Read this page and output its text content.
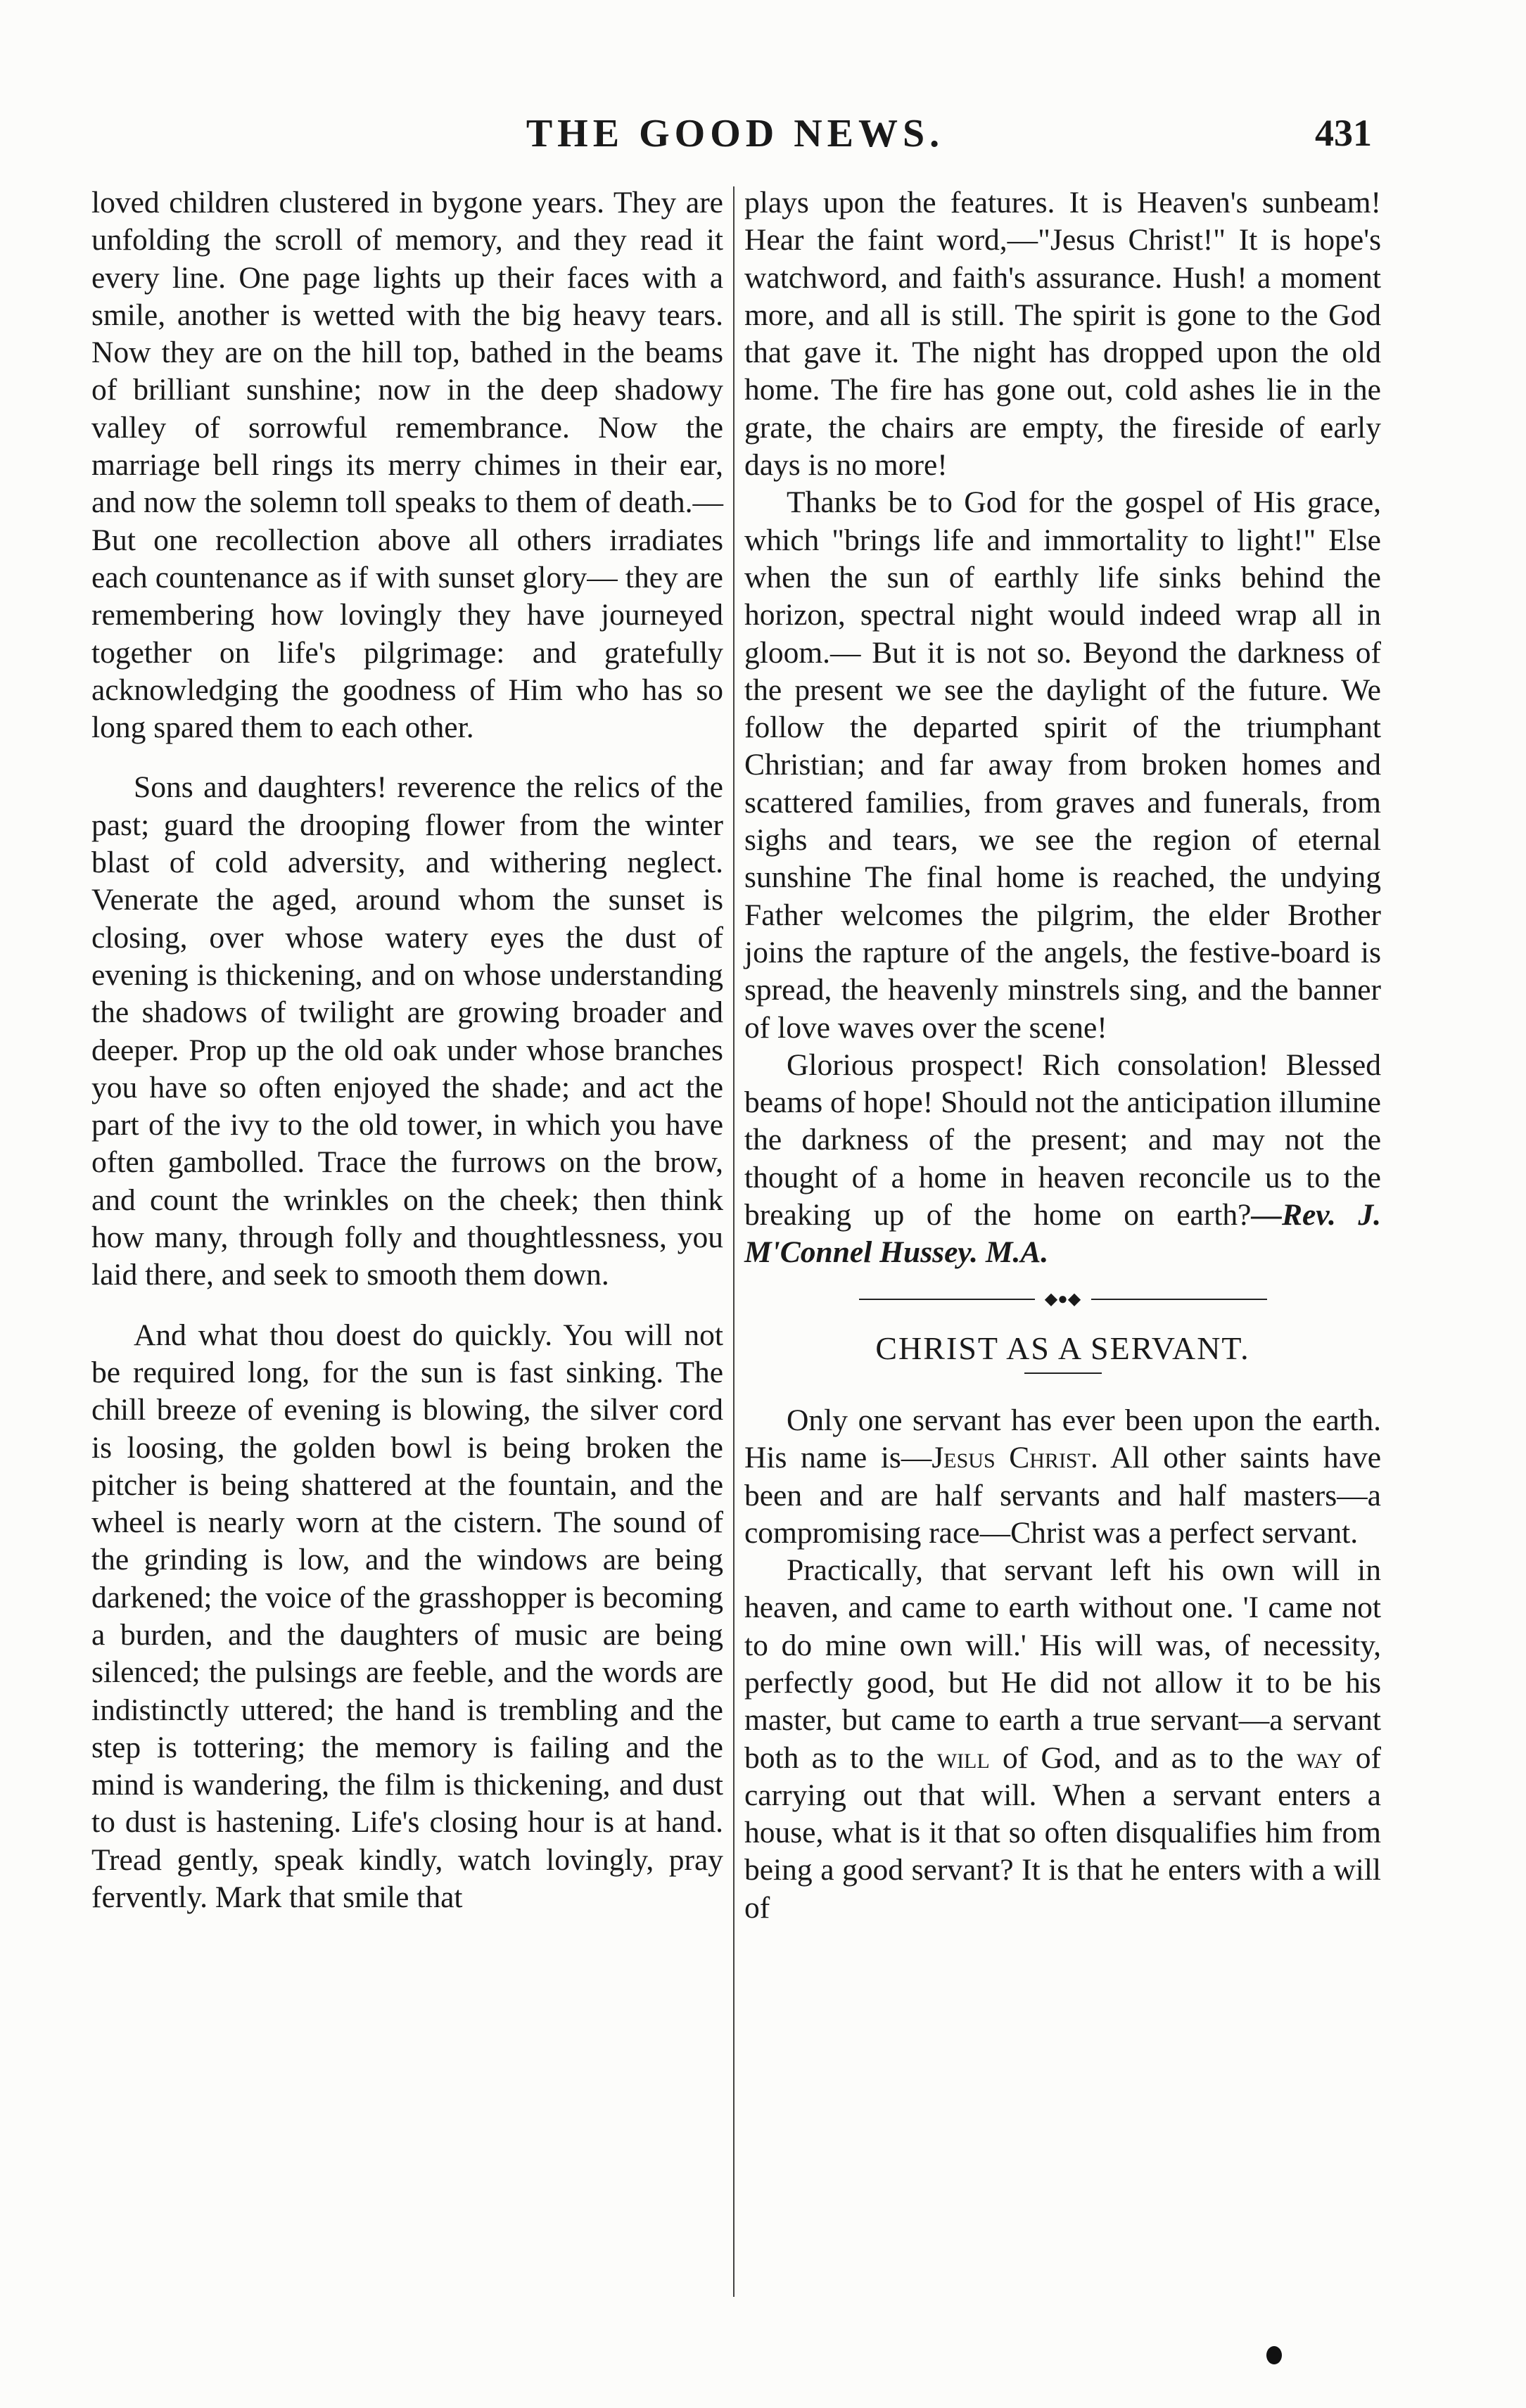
THE GOOD NEWS.	431

loved children clustered in bygone years. They are unfolding the scroll of memory, and they read it every line. One page lights up their faces with a smile, another is wetted with the big heavy tears. Now they are on the hill top, bathed in the beams of brilliant sunshine; now in the deep shadowy valley of sorrowful remembrance. Now the marriage bell rings its merry chimes in their ear, and now the solemn toll speaks to them of death.— But one recollection above all others irradiates each countenance as if with sunset glory— they are remembering how lovingly they have journeyed together on life's pilgrimage: and gratefully acknowledging the goodness of Him who has so long spared them to each other.

Sons and daughters! reverence the relics of the past; guard the drooping flower from the winter blast of cold adversity, and withering neglect. Venerate the aged, around whom the sunset is closing, over whose watery eyes the dust of evening is thickening, and on whose understanding the shadows of twilight are growing broader and deeper. Prop up the old oak under whose branches you have so often enjoyed the shade; and act the part of the ivy to the old tower, in which you have often gambolled. Trace the furrows on the brow, and count the wrinkles on the cheek; then think how many, through folly and thoughtlessness, you laid there, and seek to smooth them down.

And what thou doest do quickly. You will not be required long, for the sun is fast sinking. The chill breeze of evening is blowing, the silver cord is loosing, the golden bowl is being broken the pitcher is being shattered at the fountain, and the wheel is nearly worn at the cistern. The sound of the grinding is low, and the windows are being darkened; the voice of the grasshopper is becoming a burden, and the daughters of music are being silenced; the pulsings are feeble, and the words are indistinctly uttered; the hand is trembling and the step is tottering; the memory is failing and the mind is wandering, the film is thickening, and dust to dust is hastening. Life's closing hour is at hand. Tread gently, speak kindly, watch lovingly, pray fervently. Mark that smile that

plays upon the features. It is Heaven's sunbeam! Hear the faint word,—"Jesus Christ!" It is hope's watchword, and faith's assurance. Hush! a moment more, and all is still. The spirit is gone to the God that gave it. The night has dropped upon the old home. The fire has gone out, cold ashes lie in the grate, the chairs are empty, the fireside of early days is no more!

Thanks be to God for the gospel of His grace, which "brings life and immortality to light!" Else when the sun of earthly life sinks behind the horizon, spectral night would indeed wrap all in gloom.— But it is not so. Beyond the darkness of the present we see the daylight of the future. We follow the departed spirit of the triumphant Christian; and far away from broken homes and scattered families, from graves and funerals, from sighs and tears, we see the region of eternal sunshine The final home is reached, the undying Father welcomes the pilgrim, the elder Brother joins the rapture of the angels, the festive-board is spread, the heavenly minstrels sing, and the banner of love waves over the scene!

Glorious prospect! Rich consolation! Blessed beams of hope! Should not the anticipation illumine the darkness of the present; and may not the thought of a home in heaven reconcile us to the breaking up of the home on earth?—Rev. J. M'Connel Hussey. M.A.

◆●◆
CHRIST AS A SERVANT.

Only one servant has ever been upon the earth. His name is—Jesus Christ. All other saints have been and are half servants and half masters—a compromising race—Christ was a perfect servant.

Practically, that servant left his own will in heaven, and came to earth without one. 'I came not to do mine own will.' His will was, of necessity, perfectly good, but He did not allow it to be his master, but came to earth a true servant—a servant both as to the will of God, and as to the way of carrying out that will. When a servant enters a house, what is it that so often disqualifies him from being a good servant? It is that he enters with a will of
